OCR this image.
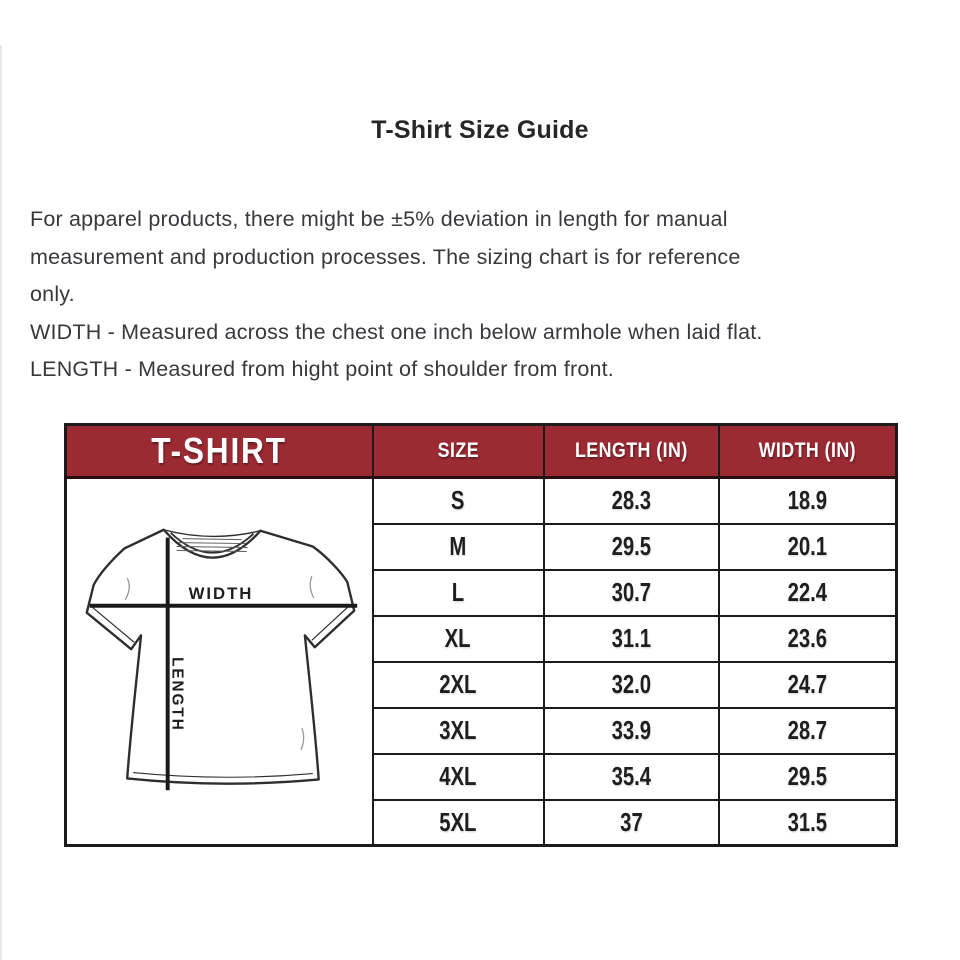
T-Shirt Size Guide
For apparel products, there might be ±5% deviation in length for manual
measurement and production processes. The sizing chart is for reference
only.
WIDTH - Measured across the chest one inch below armhole when laid flat.
LENGTH - Measured from hight point of shoulder from front.
T-SHIRT	SIZE	LENGTH (IN)	WIDTH (IN)

WIDTH
LENGTH	S	28.3	18.9
	M	29.5	20.1
	L	30.7	22.4
	XL	31.1	23.6
	2XL	32.0	24.7
	3XL	33.9	28.7
	4XL	35.4	29.5
	5XL	37	31.5
